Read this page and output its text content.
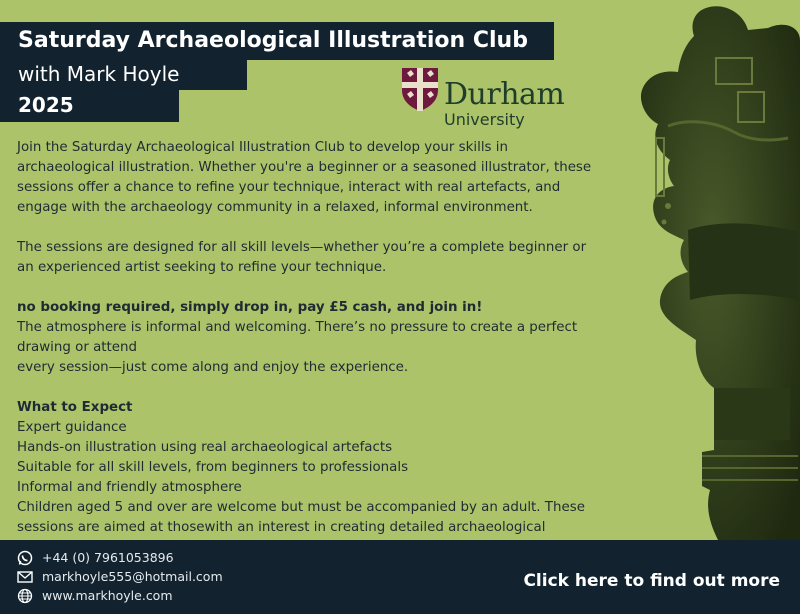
Saturday Archaeological Illustration Club
with Mark Hoyle
2025	Durham
University

Join the Saturday Archaeological Illustration Club to develop your skills in archaeological illustration. Whether you're a beginner or a seasoned illustrator, these sessions offer a chance to refine your technique, interact with real artefacts, and engage with the archaeology community in a relaxed, informal environment.

The sessions are designed for all skill levels—whether you’re a complete beginner or an experienced artist seeking to refine your technique.

no booking required, simply drop in, pay £5 cash, and join in!

The atmosphere is informal and welcoming. There’s no pressure to create a perfect drawing or attend

every session—just come along and enjoy the experience.

What to Expect

Expert guidance

Hands-on illustration using real archaeological artefacts

Suitable for all skill levels, from beginners to professionals

Informal and friendly atmosphere

Children aged 5 and over are welcome but must be accompanied by an adult. These sessions are aimed at thosewith an interest in creating detailed archaeological

+44 (0) 7961053896
markhoyle555@hotmail.com
www.markhoyle.com
Click here to find out more
